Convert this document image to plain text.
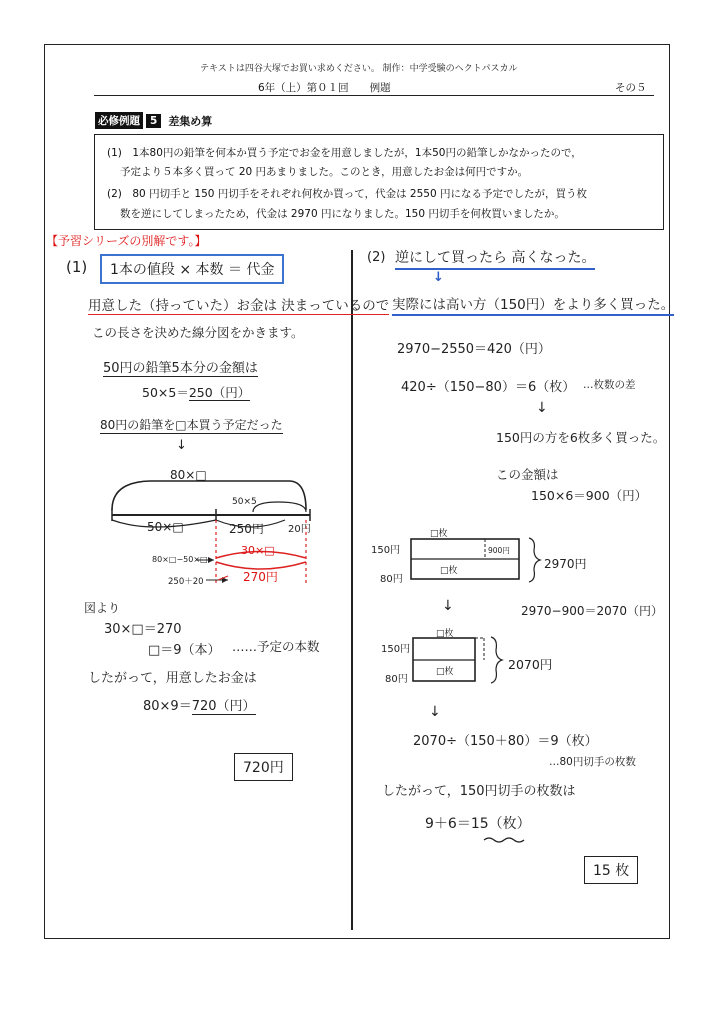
テキストは四谷大塚でお買い求めください。 制作：中学受験のヘクトパスカル
6年（上）第０１回　　例題	その５
必修例題 5	差集め算
(1)　1本80円の鉛筆を何本か買う予定でお金を用意しましたが，1本50円の鉛筆しかなかったので，
予定より５本多く買って 20 円あまりました。このとき，用意したお金は何円ですか。
(2)　80 円切手と 150 円切手をそれぞれ何枚か買って，代金は 2550 円になる予定でしたが，買う枚
数を逆にしてしまったため，代金は 2970 円になりました。150 円切手を何枚買いましたか。
【予習シリーズの別解です。】
(1)	1本の値段 × 本数 ＝ 代金
用意した（持っていた）お金は 決まっているので
この長さを決めた線分図をかきます。
50円の鉛筆5本分の金額は
50×5＝250（円）
80円の鉛筆を□本買う予定だった
↓
80×□
50×5
50×□	250円 20円
80×□−50×□
30×□
250＋20	270円
図より
30×□＝270
□＝9（本） ……予定の本数
したがって，用意したお金は
80×9＝720（円）
720円
(2) 逆にして買ったら 高くなった。
↓
実際には高い方（150円）をより多く買った。
2970−2550＝420（円）
420÷（150−80）＝6（枚） …枚数の差
↓
150円の方を6枚多く買った。
この金額は
150×6＝900（円）
□枚
150円
80円
□枚
900円
2970円
↓	2970−900＝2070（円）
□枚
150円
80円
□枚	2070円
↓
2070÷（150＋80）＝9（枚）
…80円切手の枚数
したがって，150円切手の枚数は
9＋6＝15（枚）
15 枚
